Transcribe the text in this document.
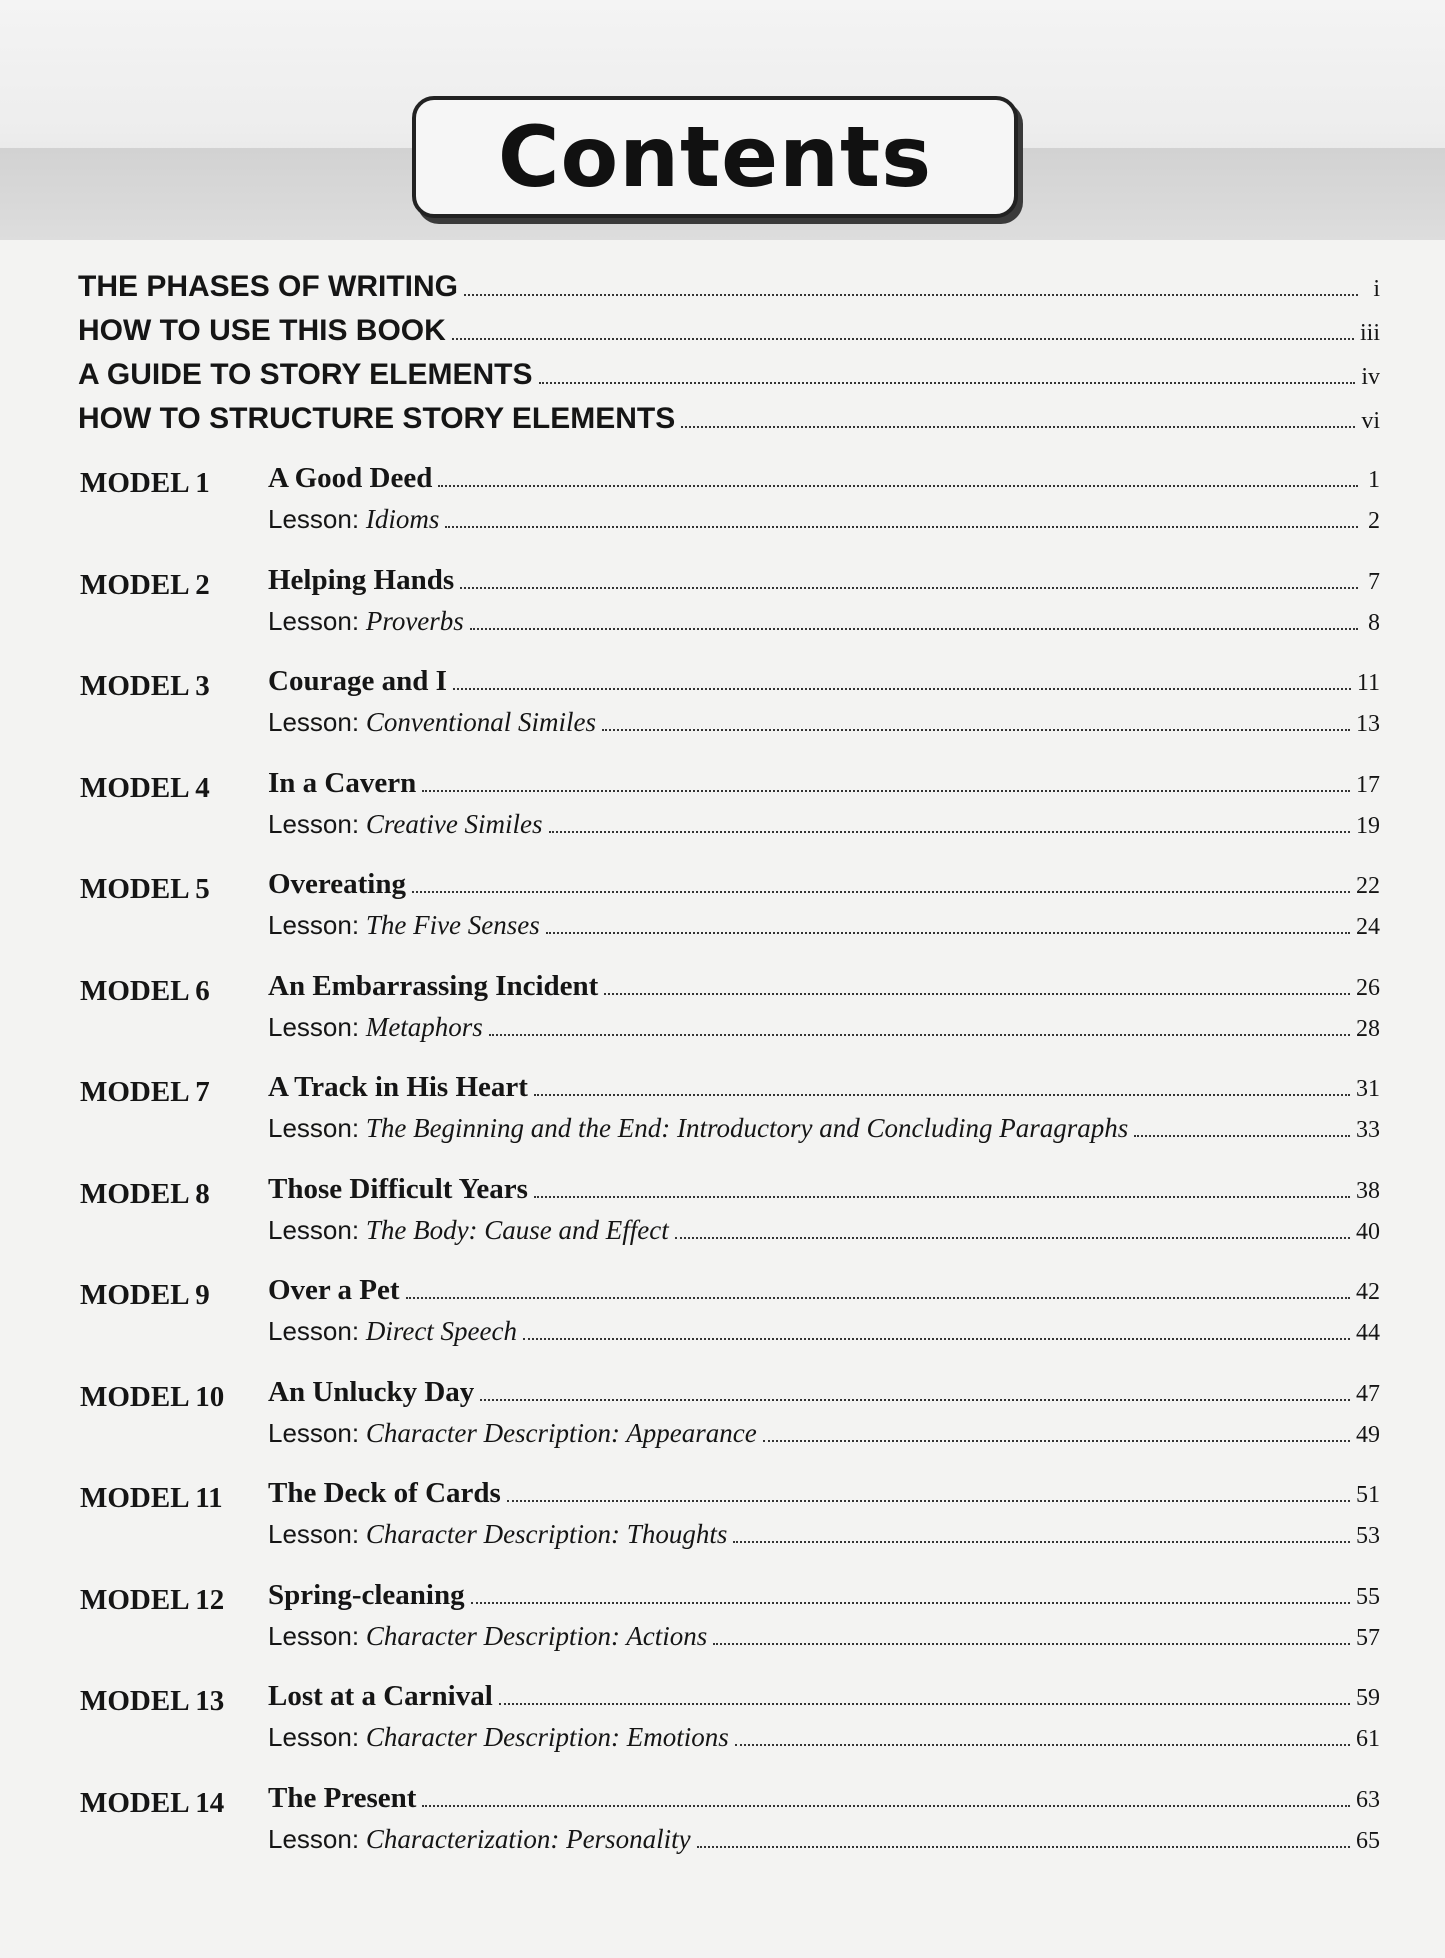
Contents
THE PHASES OF WRITING	i
HOW TO USE THIS BOOK	iii
A GUIDE TO STORY ELEMENTS	iv
HOW TO STRUCTURE STORY ELEMENTS	vi
MODEL 1	A Good Deed	1
Lesson: Idioms	2
MODEL 2	Helping Hands	7
Lesson: Proverbs	8
MODEL 3	Courage and I	11
Lesson: Conventional Similes	13
MODEL 4	In a Cavern	17
Lesson: Creative Similes	19
MODEL 5	Overeating	22
Lesson: The Five Senses	24
MODEL 6	An Embarrassing Incident	26
Lesson: Metaphors	28
MODEL 7	A Track in His Heart	31
Lesson: The Beginning and the End: Introductory and Concluding Paragraphs	33
MODEL 8	Those Difficult Years	38
Lesson: The Body: Cause and Effect	40
MODEL 9	Over a Pet	42
Lesson: Direct Speech	44
MODEL 10	An Unlucky Day	47
Lesson: Character Description: Appearance	49
MODEL 11	The Deck of Cards	51
Lesson: Character Description: Thoughts	53
MODEL 12	Spring-cleaning	55
Lesson: Character Description: Actions	57
MODEL 13	Lost at a Carnival	59
Lesson: Character Description: Emotions	61
MODEL 14	The Present	63
Lesson: Characterization: Personality	65
